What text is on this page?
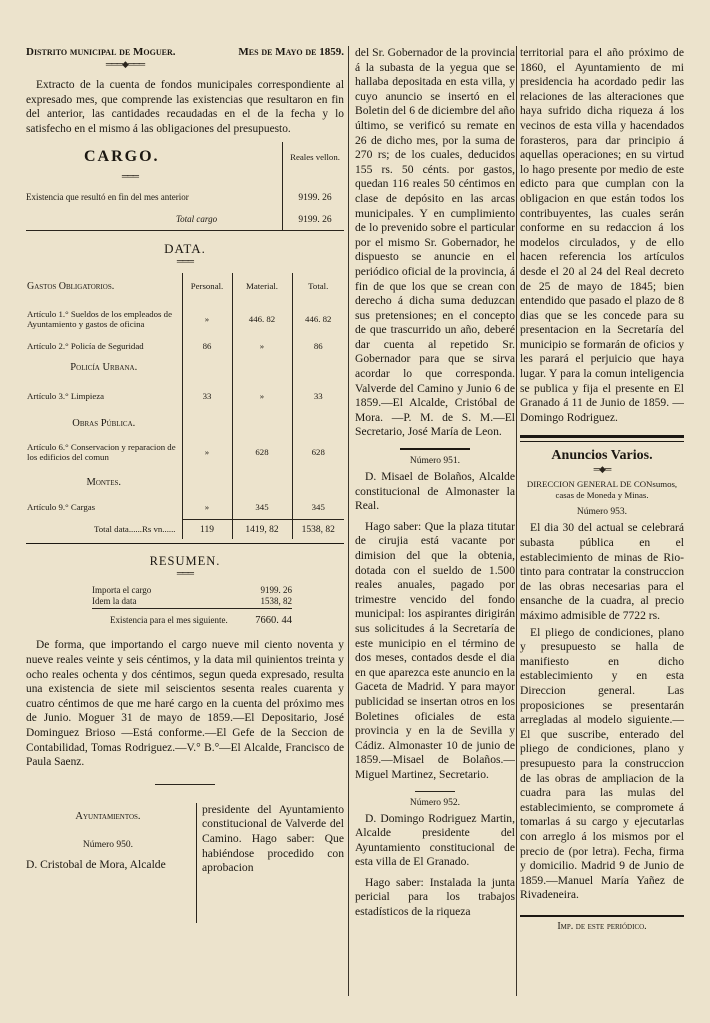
Distrito municipal de Moguer.	Mes de Mayo de 1859.
═══◆═══

Extracto de la cuenta de fondos municipales correspondiente al expresado mes, que comprende las existencias que resultaron en fin del anterior, las cantidades recaudadas en el de la fecha y lo satisfecho en el mismo á las obligaciones del presupuesto.

CARGO.	Reales vellon.
═══
Existencia que resultó en fin del mes anterior	9199. 26
Total cargo	9199. 26
DATA.
═══
Gastos Obligatorios.	Personal.	Material.	Total.
Artículo 1.° Sueldos de los empleados de Ayuntamiento y gastos de oficina	»	446. 82	446. 82
Artículo 2.° Policía de Seguridad	86	»	86
Policía Urbana.			
Artículo 3.° Limpieza	33	»	33
Obras Pública.			
Artículo 6.° Conservacion y reparacion de los edificios del comun	»	628	628
Montes.			
Artículo 9.° Cargas	»	345	345
Total data......Rs vn......	119	1419, 82	1538, 82
RESUMEN.
═══
Importa el cargo	9199. 26
Idem la data	1538, 82
Existencia para el mes siguiente.	7660. 44

De forma, que importando el cargo nueve mil ciento noventa y nueve reales veinte y seis céntimos, y la data mil quinientos treinta y ocho reales ochenta y dos céntimos, segun queda expresado, resulta una existencia de siete mil seiscientos sesenta reales cuarenta y cuatro céntimos de que me haré cargo en la cuenta del próximo mes de Junio. Moguer 31 de mayo de 1859.—El Depositario, José Dominguez Brioso —Está conforme.—El Gefe de la Seccion de Contabilidad, Tomas Rodriguez.—V.° B.°—El Alcalde, Francisco de Paula Saenz.

Ayuntamientos.
Número 950.

D. Cristobal de Mora, Alcalde

presidente del Ayuntamiento constitucional de Valverde del Camino. Hago saber: Que habiéndose procedido con aprobacion

del Sr. Gobernador de la provincia á la subasta de la yegua que se hallaba depositada en esta villa, y cuyo anuncio se insertó en el Boletin del 6 de diciembre del año último, se verificó su remate en 26 de dicho mes, por la suma de 270 rs; de los cuales, deducidos 155 rs. 50 cénts. por gastos, quedan 116 reales 50 céntimos en clase de depósito en las arcas municipales. Y en cumplimiento de lo prevenido sobre el particular por el mismo Sr. Gobernador, he dispuesto se anuncie en el periódico oficial de la provincia, á fin de que los que se crean con derecho á dicha suma deduzcan sus pretensiones; en el concepto de que trascurrido un año, deberé dar cuenta al repetido Sr. Gobernador para que se sirva acordar lo que corresponda. Valverde del Camino y Junio 6 de 1859.—El Alcalde, Cristóbal de Mora. —P. M. de S. M.—El Secretario, José María de Leon.

Número 951.

D. Misael de Bolaños, Alcalde constitucional de Almonaster la Real.

Hago saber: Que la plaza titutar de cirujia está vacante por dimision del que la obtenia, dotada con el sueldo de 1.500 reales anuales, pagado por trimestre vencido del fondo municipal: los aspirantes dirigirán sus solicitudes á la Secretaría de este municipio en el término de dos meses, contados desde el dia en que aparezca este anuncio en la Gaceta de Madrid. Y para mayor publicidad se insertan otros en los Boletines oficiales de esta provincia y en la de Sevilla y Cádiz. Almonaster 10 de junio de 1859.—Misael de Bolaños.—Miguel Martinez, Secretario.

Número 952.

D. Domingo Rodriguez Martin, Alcalde presidente del Ayuntamiento constitucional de esta villa de El Granado.

Hago saber: Instalada la junta pericial para los trabajos estadísticos de la riqueza

territorial para el año próximo de 1860, el Ayuntamiento de mi presidencia ha acordado pedir las relaciones de las alteraciones que haya sufrido dicha riqueza á los vecinos de esta villa y hacendados forasteros, para dar principio á aquellas operaciones; en su virtud lo hago presente por medio de este edicto para que cumplan con la obligacion en que están todos los contribuyentes, las cuales serán conforme en su redaccion á los modelos circulados, y de ello hacen referencia los artículos desde el 20 al 24 del Real decreto de 25 de mayo de 1845; bien entendido que pasado el plazo de 8 dias que se les concede para su presentacion en la Secretaría del municipio se formarán de oficios y les parará el perjuicio que haya lugar. Y para la comun inteligencia se publica y fija el presente en El Granado á 11 de Junio de 1859. —Domingo Rodriguez.

Anuncios Varios.
═◆═

DIRECCION GENERAL DE CONsumos, casas de Moneda y Minas.

Número 953.

El dia 30 del actual se celebrará subasta pública en el establecimiento de minas de Rio-tinto para contratar la construccion de las obras necesarias para el ensanche de la cuadra, al precio máximo admisible de 7722 rs.

El pliego de condiciones, plano y presupuesto se halla de manifiesto en dicho establecimiento y en esta Direccion general. Las proposiciones se presentarán arregladas al modelo siguiente.—El que suscribe, enterado del pliego de condiciones, plano y presupuesto para la construccion de las obras de ampliacion de la cuadra para las mulas del establecimiento, se compromete á tomarlas á su cargo y ejecutarlas con arreglo á los mismos por el precio de (por letra). Fecha, firma y domicilio. Madrid 9 de Junio de 1859.—Manuel María Yañez de Rivadeneira.

Imp. de este periódico.
